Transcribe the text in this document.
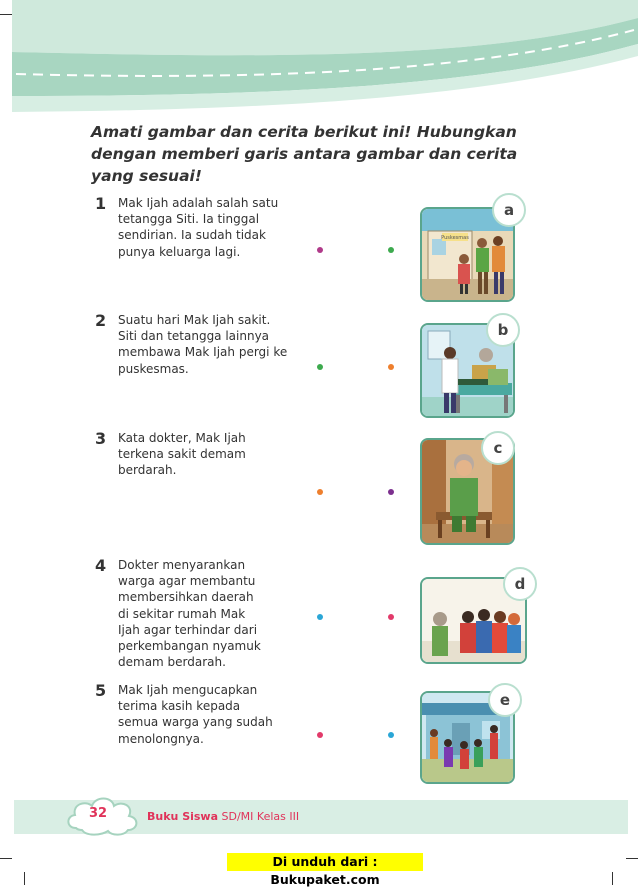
Amati gambar dan cerita berikut ini! Hubungkan dengan memberi garis antara gambar dan cerita yang sesuai!
1 Mak Ijah adalah salah satu
tetangga Siti. Ia tinggal
sendirian. Ia sudah tidak
punya keluarga lagi.
2 Suatu hari Mak Ijah sakit.
Siti dan tetangga lainnya
membawa Mak Ijah pergi ke
puskesmas.
3 Kata dokter, Mak Ijah
terkena sakit demam
berdarah.
4 Dokter menyarankan
warga agar membantu
membersihkan daerah
di sekitar rumah Mak
Ijah agar terhindar dari
perkembangan nyamuk
demam berdarah.
5 Mak Ijah mengucapkan
terima kasih kepada
semua warga yang sudah
menolongnya.
Puskesmas
a
b
c
d
e
32	Buku Siswa SD/MI Kelas III
Di unduh dari : Bukupaket.com
